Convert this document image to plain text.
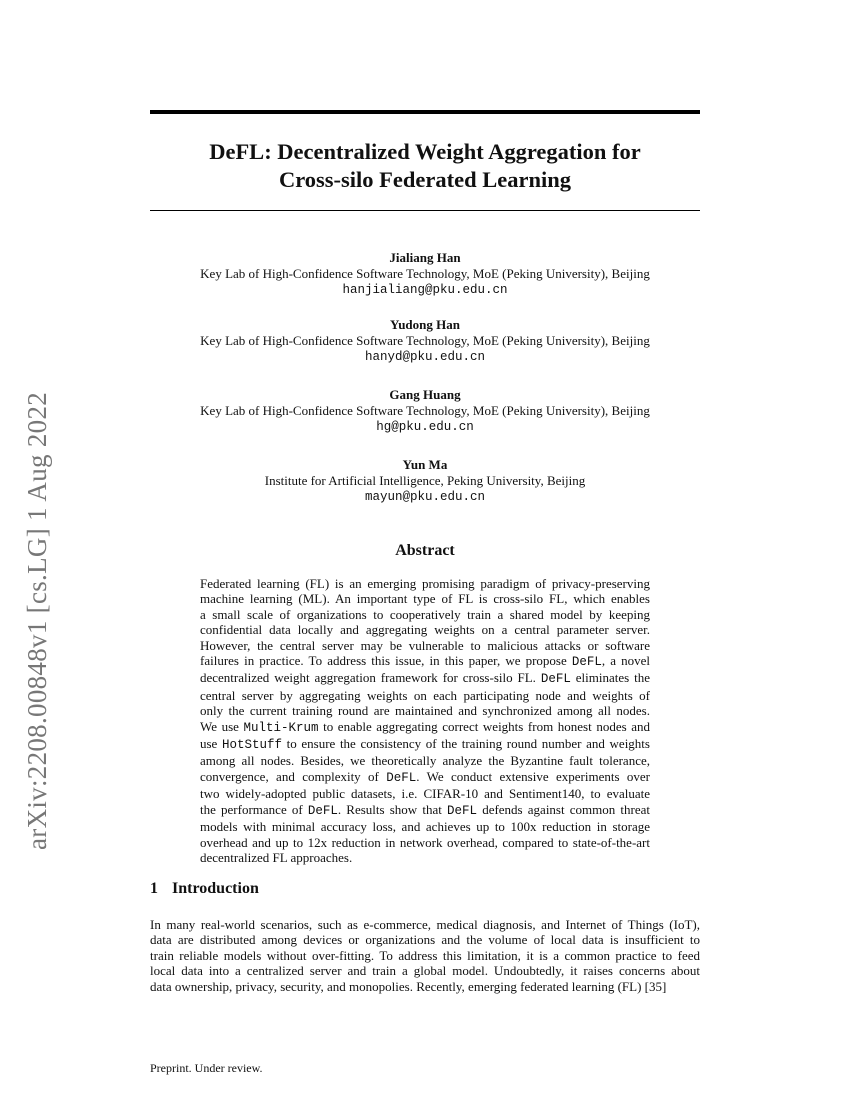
arXiv:2208.00848v1 [cs.LG] 1 Aug 2022
DeFL: Decentralized Weight Aggregation for
Cross-silo Federated Learning
Jialiang Han
Key Lab of High-Confidence Software Technology, MoE (Peking University), Beijing
hanjialiang@pku.edu.cn
Yudong Han
Key Lab of High-Confidence Software Technology, MoE (Peking University), Beijing
hanyd@pku.edu.cn
Gang Huang
Key Lab of High-Confidence Software Technology, MoE (Peking University), Beijing
hg@pku.edu.cn
Yun Ma
Institute for Artificial Intelligence, Peking University, Beijing
mayun@pku.edu.cn
Abstract
Federated learning (FL) is an emerging promising paradigm of privacy-preserving
machine learning (ML). An important type of FL is cross-silo FL, which enables
a small scale of organizations to cooperatively train a shared model by keeping
confidential data locally and aggregating weights on a central parameter server.
However, the central server may be vulnerable to malicious attacks or software
failures in practice. To address this issue, in this paper, we propose DeFL, a novel
decentralized weight aggregation framework for cross-silo FL. DeFL eliminates the
central server by aggregating weights on each participating node and weights of
only the current training round are maintained and synchronized among all nodes.
We use Multi-Krum to enable aggregating correct weights from honest nodes and
use HotStuff to ensure the consistency of the training round number and weights
among all nodes. Besides, we theoretically analyze the Byzantine fault tolerance,
convergence, and complexity of DeFL. We conduct extensive experiments over
two widely-adopted public datasets, i.e. CIFAR-10 and Sentiment140, to evaluate
the performance of DeFL. Results show that DeFL defends against common threat
models with minimal accuracy loss, and achieves up to 100x reduction in storage
overhead and up to 12x reduction in network overhead, compared to state-of-the-art
decentralized FL approaches.
1 Introduction
In many real-world scenarios, such as e-commerce, medical diagnosis, and Internet of Things (IoT),
data are distributed among devices or organizations and the volume of local data is insufficient to
train reliable models without over-fitting. To address this limitation, it is a common practice to feed
local data into a centralized server and train a global model. Undoubtedly, it raises concerns about
data ownership, privacy, security, and monopolies. Recently, emerging federated learning (FL) [35]
Preprint. Under review.
